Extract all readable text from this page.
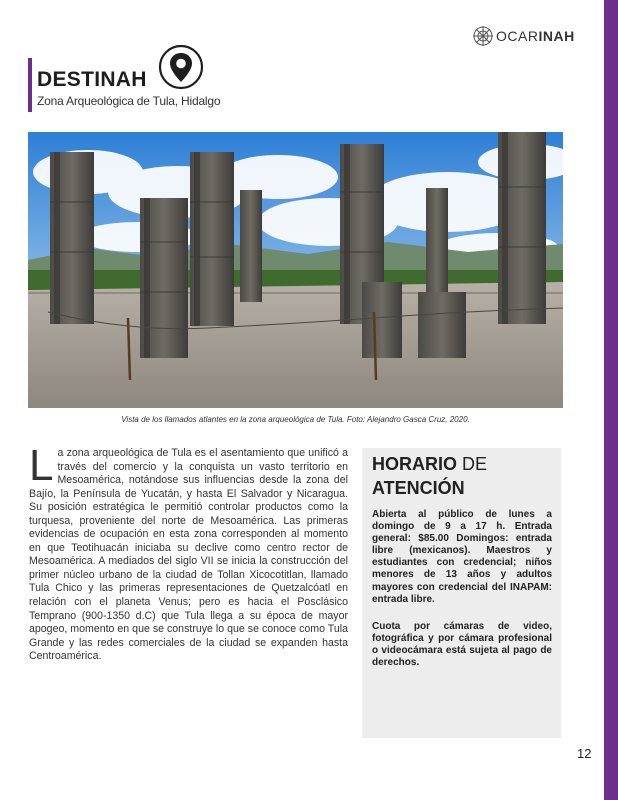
OCARINAH
DESTINAH
Zona Arqueológica de Tula, Hidalgo
Vista de los llamados atlantes en la zona arqueológica de Tula. Foto: Alejandro Gasca Cruz, 2020.
La zona arqueológica de Tula es el asentamiento que unificó a través del comercio y la conquista un vasto territorio en Mesoamérica, notándose sus influencias desde la zona del Bajío, la Península de Yucatán, y hasta El Salvador y Nicaragua. Su posición estratégica le permitió controlar productos como la turquesa, proveniente del norte de Mesoamérica. Las primeras evidencias de ocupación en esta zona corresponden al momento en que Teotihuacán iniciaba su declive como centro rector de Mesoamérica. A mediados del siglo VII se inicia la construcción del primer núcleo urbano de la ciudad de Tollan Xicocotitlan, llamado Tula Chico y las primeras representaciones de Quetzalcóatl en relación con el planeta Venus; pero es hacia el Posclásico Temprano (900-1350 d.C) que Tula llega a su época de mayor apogeo, momento en que se construye lo que se conoce como Tula Grande y las redes comerciales de la ciudad se expanden hasta Centroamérica.
HORARIO DE
ATENCIÓN

Abierta al público de lunes a domingo de 9 a 17 h. Entrada general: $85.00 Domingos: entrada libre (mexicanos). Maestros y estudiantes con credencial; niños menores de 13 años y adultos mayores con credencial del INAPAM: entrada libre.

Cuota por cámaras de video, fotográfica y por cámara profesional o videocámara está sujeta al pago de derechos.

12
